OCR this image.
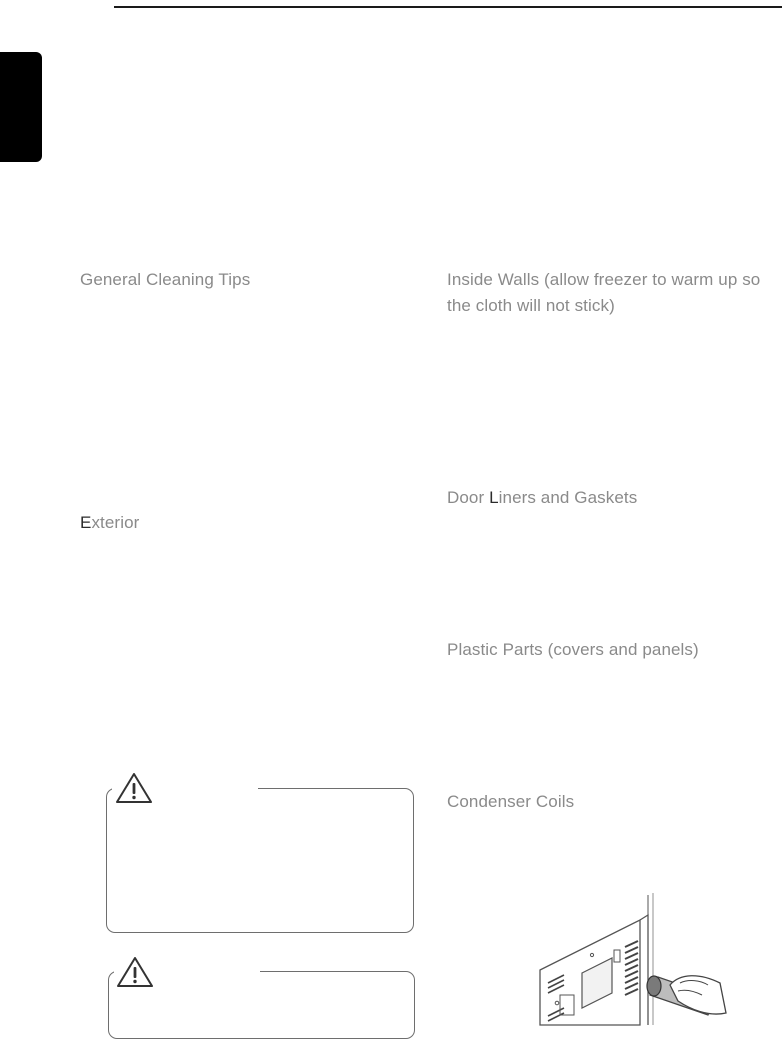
General Cleaning Tips	Inside Walls (allow freezer to warm up so the cloth will not stick)
Exterior
Door Liners and Gaskets
Plastic Parts (covers and panels)
Condenser Coils
